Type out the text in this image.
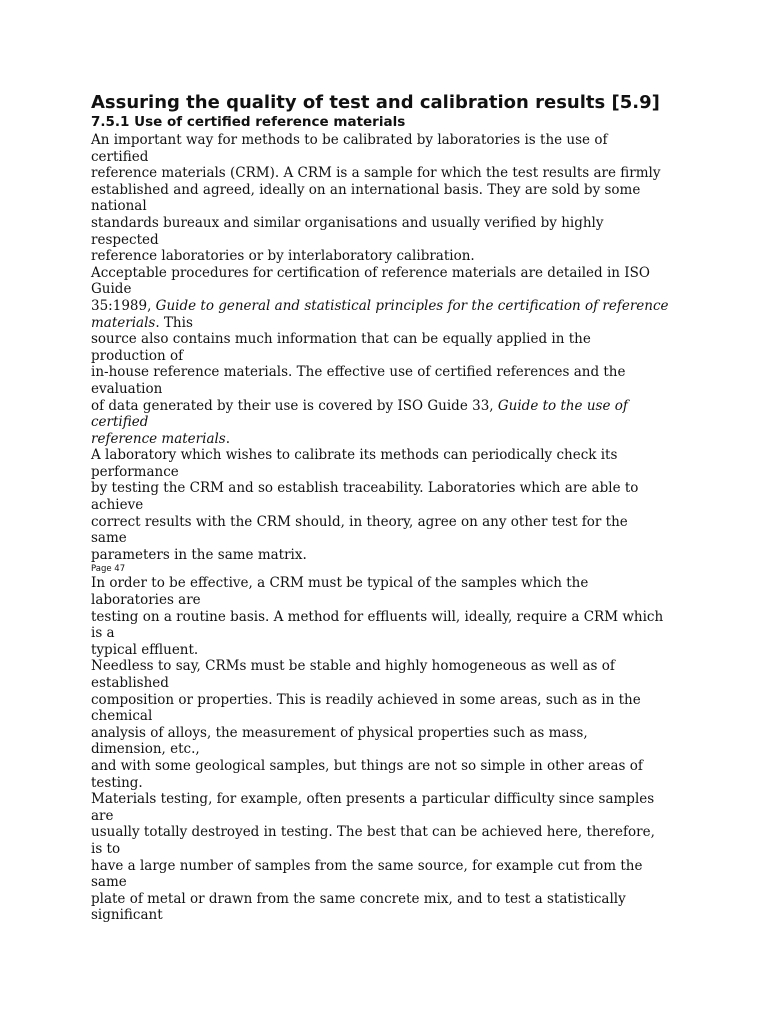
Assuring the quality of test and calibration results [5.9]
7.5.1 Use of certified reference materials
An important way for methods to be calibrated by laboratories is the use of
certified
reference materials (CRM). A CRM is a sample for which the test results are firmly
established and agreed, ideally on an international basis. They are sold by some
national
standards bureaux and similar organisations and usually verified by highly
respected
reference laboratories or by interlaboratory calibration.
Acceptable procedures for certification of reference materials are detailed in ISO
Guide
35:1989, Guide to general and statistical principles for the certification of reference
materials. This
source also contains much information that can be equally applied in the
production of
in-house reference materials. The effective use of certified references and the
evaluation
of data generated by their use is covered by ISO Guide 33, Guide to the use of
certified
reference materials.
A laboratory which wishes to calibrate its methods can periodically check its
performance
by testing the CRM and so establish traceability. Laboratories which are able to
achieve
correct results with the CRM should, in theory, agree on any other test for the
same
parameters in the same matrix.
Page 47
In order to be effective, a CRM must be typical of the samples which the
laboratories are
testing on a routine basis. A method for effluents will, ideally, require a CRM which
is a
typical effluent.
Needless to say, CRMs must be stable and highly homogeneous as well as of
established
composition or properties. This is readily achieved in some areas, such as in the
chemical
analysis of alloys, the measurement of physical properties such as mass,
dimension, etc.,
and with some geological samples, but things are not so simple in other areas of
testing.
Materials testing, for example, often presents a particular difficulty since samples
are
usually totally destroyed in testing. The best that can be achieved here, therefore,
is to
have a large number of samples from the same source, for example cut from the
same
plate of metal or drawn from the same concrete mix, and to test a statistically
significant
